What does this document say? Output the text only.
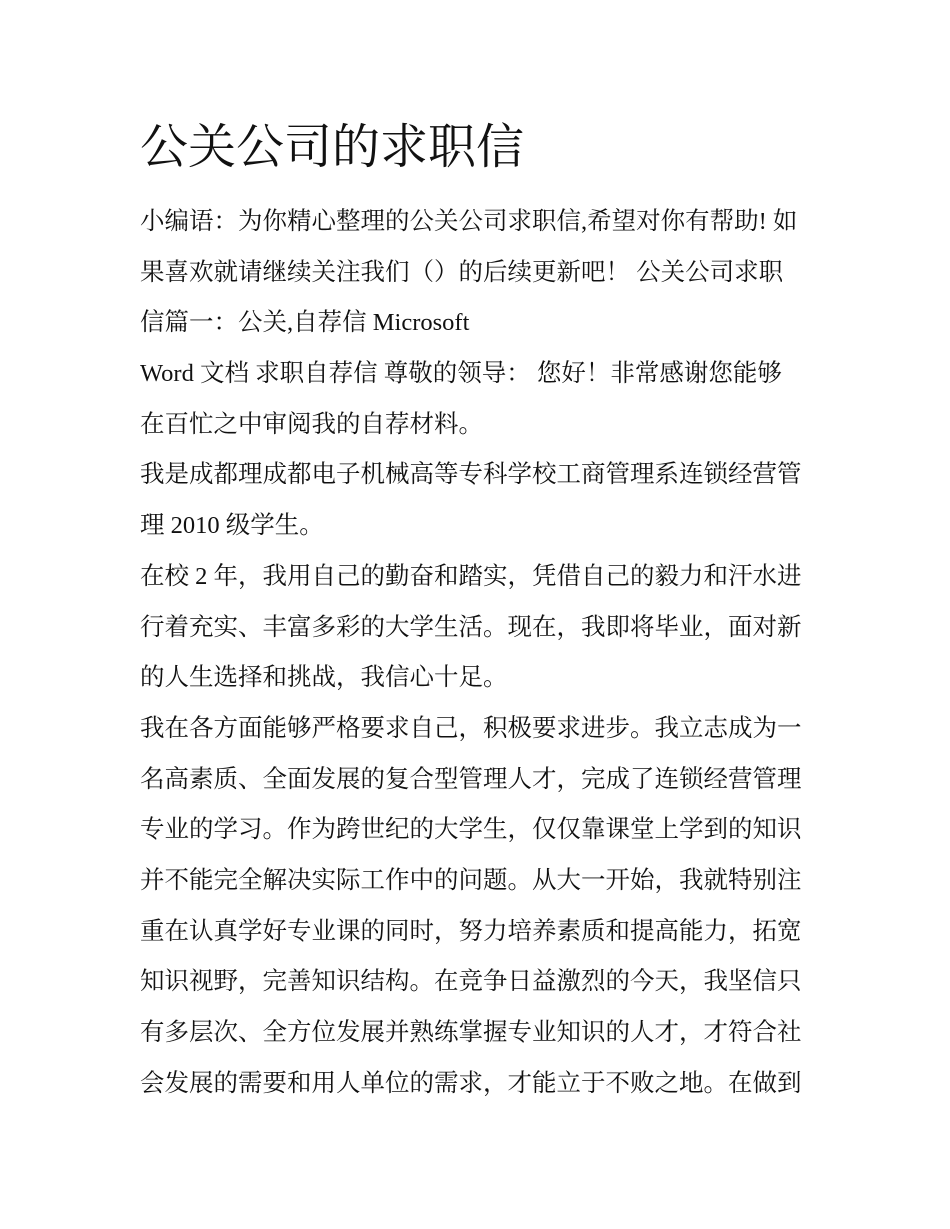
公关公司的求职信
小编语：为你精心整理的公关公司求职信,希望对你有帮助! 如
果喜欢就请继续关注我们（）的后续更新吧！ 公关公司求职
信篇一：公关,自荐信 Microsoft
Word 文档 求职自荐信 尊敬的领导： 您好！非常感谢您能够
在百忙之中审阅我的自荐材料。
我是成都理成都电子机械高等专科学校工商管理系连锁经营管
理 2010 级学生。
在校 2 年，我用自己的勤奋和踏实，凭借自己的毅力和汗水进
行着充实、丰富多彩的大学生活。现在，我即将毕业，面对新
的人生选择和挑战，我信心十足。
我在各方面能够严格要求自己，积极要求进步。我立志成为一
名高素质、全面发展的复合型管理人才，完成了连锁经营管理
专业的学习。作为跨世纪的大学生，仅仅靠课堂上学到的知识
并不能完全解决实际工作中的问题。从大一开始，我就特别注
重在认真学好专业课的同时，努力培养素质和提高能力，拓宽
知识视野，完善知识结构。在竞争日益激烈的今天，我坚信只
有多层次、全方位发展并熟练掌握专业知识的人才，才符合社
会发展的需要和用人单位的需求，才能立于不败之地。在做到
